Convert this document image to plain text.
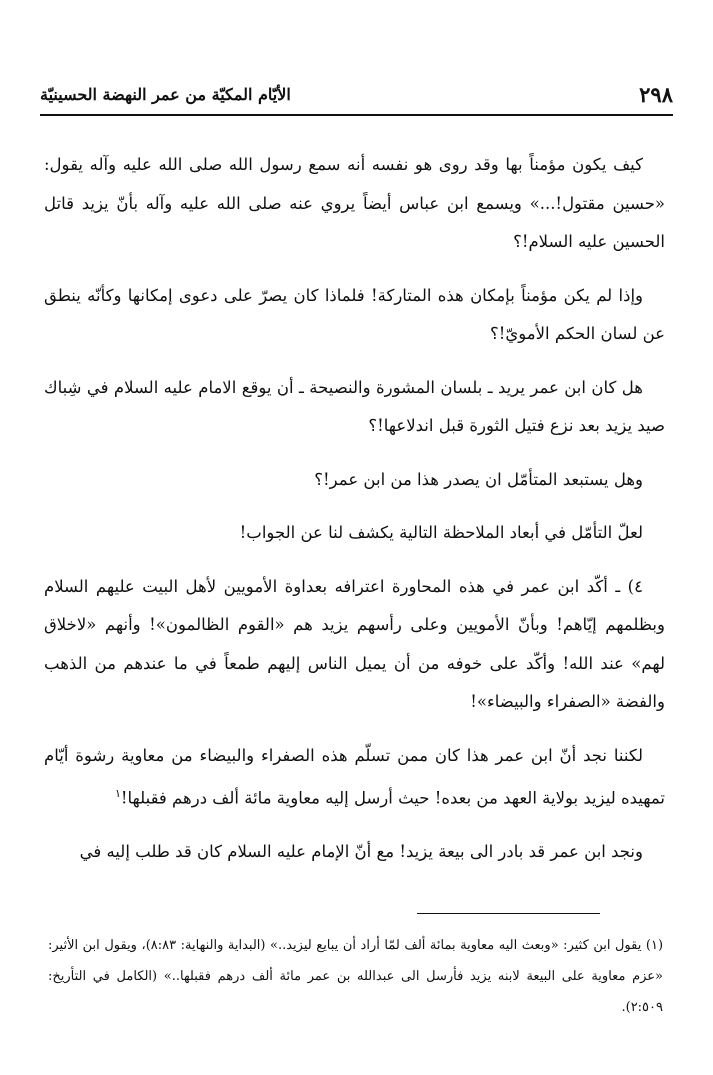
٢٩٨
الأيّام المكيّة من عمر النهضة الحسينيّة

كيف يكون مؤمناً بها وقد روى هو نفسه أنه سمع رسول الله صلى الله عليه وآله يقول: «حسين مقتول!...» ويسمع ابن عباس أيضاً يروي عنه صلى الله عليه وآله بأنّ يزيد قاتل الحسين عليه السلام!؟

وإذا لم يكن مؤمناً بإمكان هذه المتاركة! فلماذا كان يصرّ على دعوى إمكانها وكأنّه ينطق عن لسان الحكم الأمويّ!؟

هل كان ابن عمر يريد ـ بلسان المشورة والنصيحة ـ أن يوقع الامام عليه السلام في شِباك صيد يزيد بعد نزع فتيل الثورة قبل اندلاعها!؟

وهل يستبعد المتأمّل ان يصدر هذا من ابن عمر!؟

لعلّ التأمّل في أبعاد الملاحظة التالية يكشف لنا عن الجواب!

٤) ـ أكّد ابن عمر في هذه المحاورة اعترافه بعداوة الأمويين لأهل البيت عليهم السلام وبظلمهم إيّاهم! وبأنّ الأمويين وعلى رأسهم يزيد هم «القوم الظالمون»! وأنهم «لاخلاق لهم» عند الله! وأكّد على خوفه من أن يميل الناس إليهم طمعاً في ما عندهم من الذهب والفضة «الصفراء والبيضاء»!

لكننا نجد أنّ ابن عمر هذا كان ممن تسلّم هذه الصفراء والبيضاء من معاوية رشوة أيّام تمهيده ليزيد بولاية العهد من بعده! حيث أرسل إليه معاوية مائة ألف درهم فقبلها!$^١$

ونجد ابن عمر قد بادر الى بيعة يزيد! مع أنّ الإمام عليه السلام كان قد طلب إليه في

(١) يقول ابن كثير: «وبعث اليه معاوية بمائة ألف لمّا أراد أن يبايع ليزيد..» (البداية والنهاية: ٨:٨٣)، ويقول ابن الأثير: «عزم معاوية على البيعة لابنه يزيد فأرسل الى عبدالله بن عمر مائة ألف درهم فقبلها..» (الكامل في التأريخ: ٢:٥٠٩).
